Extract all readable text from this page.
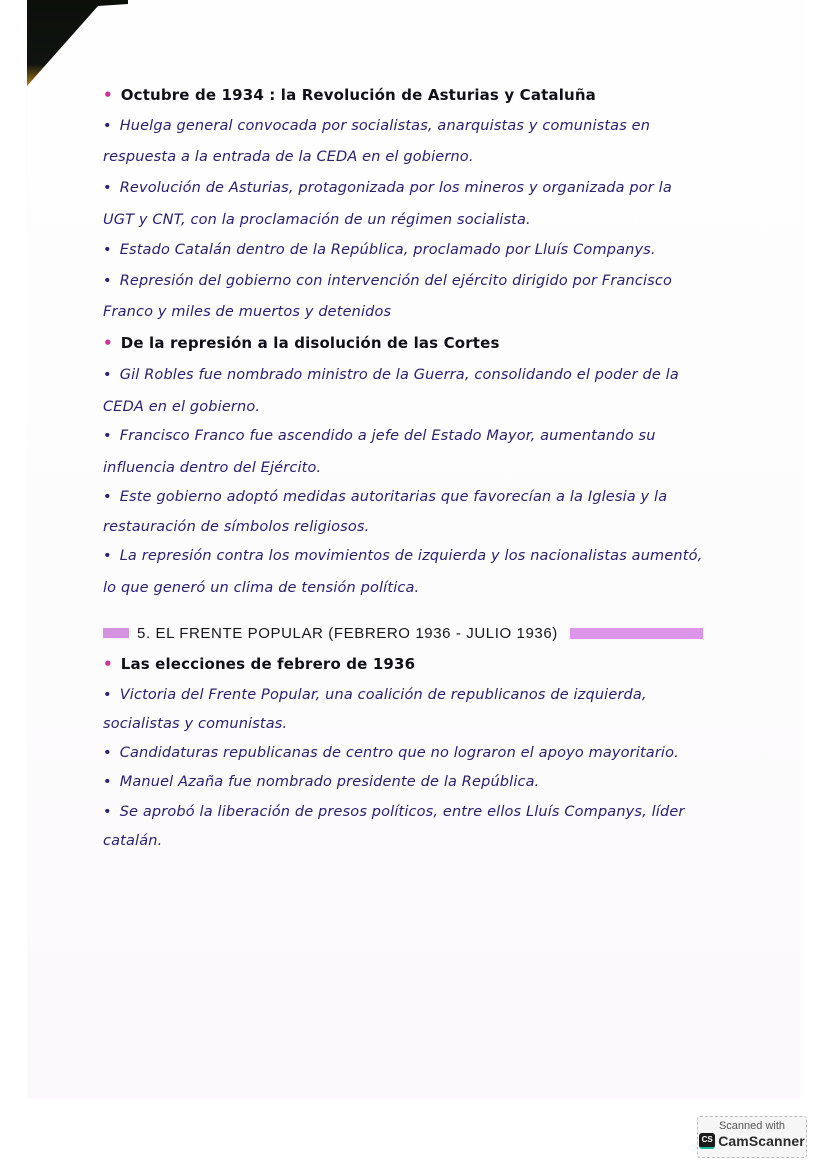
• Octubre de 1934 : la Revolución de Asturias y Cataluña
• Huelga general convocada por socialistas, anarquistas y comunistas en
respuesta a la entrada de la CEDA en el gobierno.
• Revolución de Asturias, protagonizada por los mineros y organizada por la
UGT y CNT, con la proclamación de un régimen socialista.
• Estado Catalán dentro de la República, proclamado por Lluís Companys.
• Represión del gobierno con intervención del ejército dirigido por Francisco
Franco y miles de muertos y detenidos
• De la represión a la disolución de las Cortes
• Gil Robles fue nombrado ministro de la Guerra, consolidando el poder de la
CEDA en el gobierno.
• Francisco Franco fue ascendido a jefe del Estado Mayor, aumentando su
influencia dentro del Ejército.
• Este gobierno adoptó medidas autoritarias que favorecían a la Iglesia y la
restauración de símbolos religiosos.
• La represión contra los movimientos de izquierda y los nacionalistas aumentó,
lo que generó un clima de tensión política.
• Las elecciones de febrero de 1936
• Victoria del Frente Popular, una coalición de republicanos de izquierda,
socialistas y comunistas.
• Candidaturas republicanas de centro que no lograron el apoyo mayoritario.
• Manuel Azaña fue nombrado presidente de la República.
• Se aprobó la liberación de presos políticos, entre ellos Lluís Companys, líder
catalán.
5. EL FRENTE POPULAR (FEBRERO 1936 - JULIO 1936)
Scanned with
CS CamScanner
